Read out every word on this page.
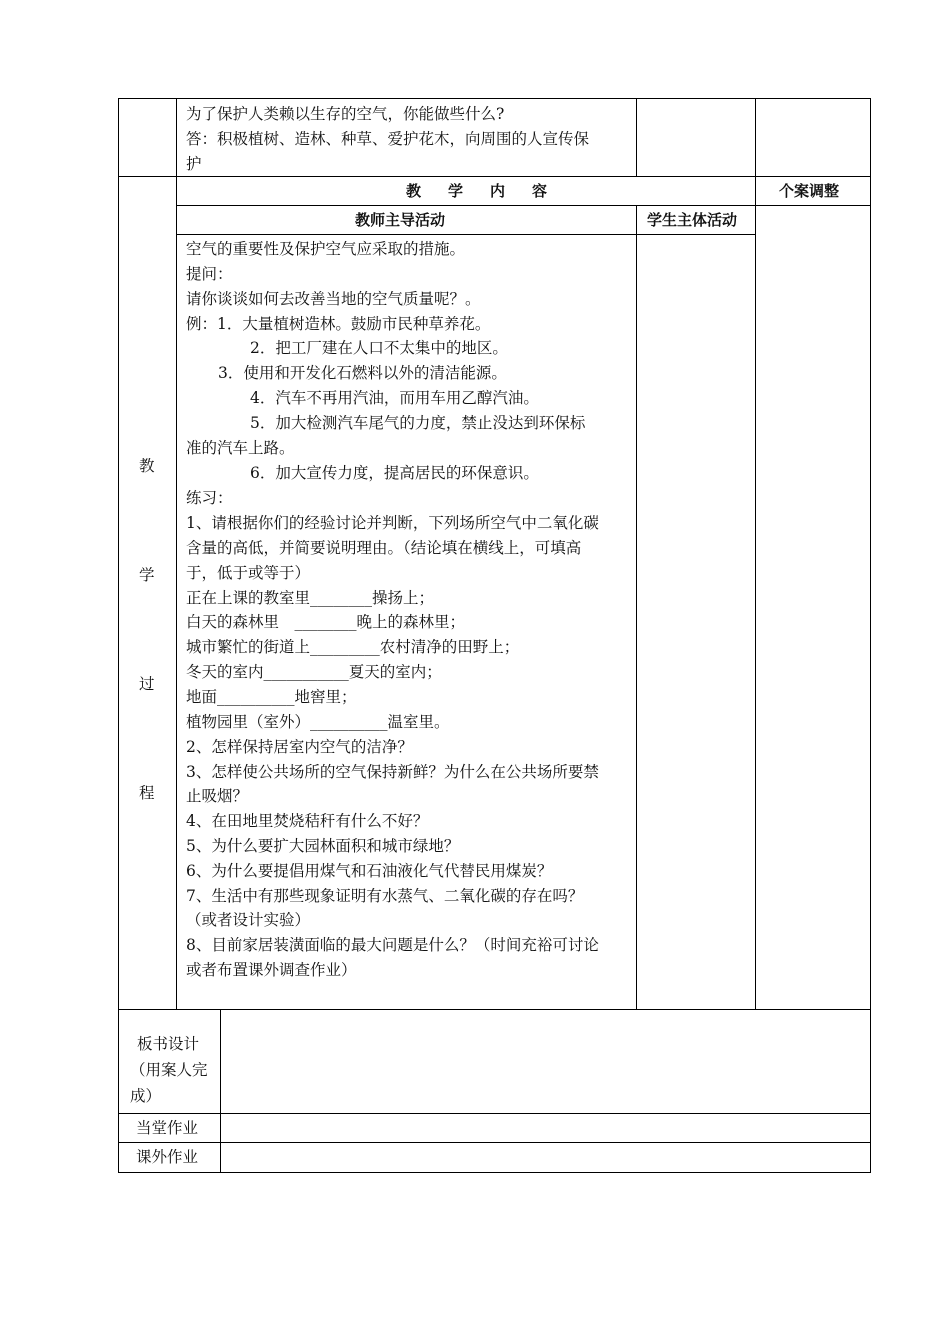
为了保护人类赖以生存的空气，你能做些什么?
答：积极植树、造林、种草、爱护花木，向周围的人宣传保
护
教　学　内　容	个案调整
教师主导活动	学生主体活动
教
学
过
程
空气的重要性及保护空气应采取的措施。
提问：
请你谈谈如何去改善当地的空气质量呢？。
例：1．大量植树造林。鼓励市民种草养花。
2．把工厂建在人口不太集中的地区。
3．使用和开发化石燃料以外的清洁能源。
4．汽车不再用汽油，而用车用乙醇汽油。
5．加大检测汽车尾气的力度，禁止没达到环保标
准的汽车上路。
6．加大宣传力度，提高居民的环保意识。
练习：
1、请根据你们的经验讨论并判断，下列场所空气中二氧化碳
含量的高低，并简要说明理由。（结论填在横线上，可填高
于，低于或等于）
正在上课的教室里________操扬上；
白天的森林里　________晚上的森林里；
城市繁忙的街道上_________农村清净的田野上；
冬天的室内___________夏天的室内；
地面__________地窖里；
植物园里（室外）__________温室里。
2、怎样保持居室内空气的洁净？
3、怎样使公共场所的空气保持新鲜？为什么在公共场所要禁
止吸烟？
4、在田地里焚烧秸秆有什么不好？
5、为什么要扩大园林面积和城市绿地？
6、为什么要提倡用煤气和石油液化气代替民用煤炭？
7、生活中有那些现象证明有水蒸气、二氧化碳的存在吗？
（或者设计实验）
8、目前家居装潢面临的最大问题是什么？（时间充裕可讨论
或者布置课外调查作业）
板书设计
（用案人完
成）
当堂作业
课外作业
